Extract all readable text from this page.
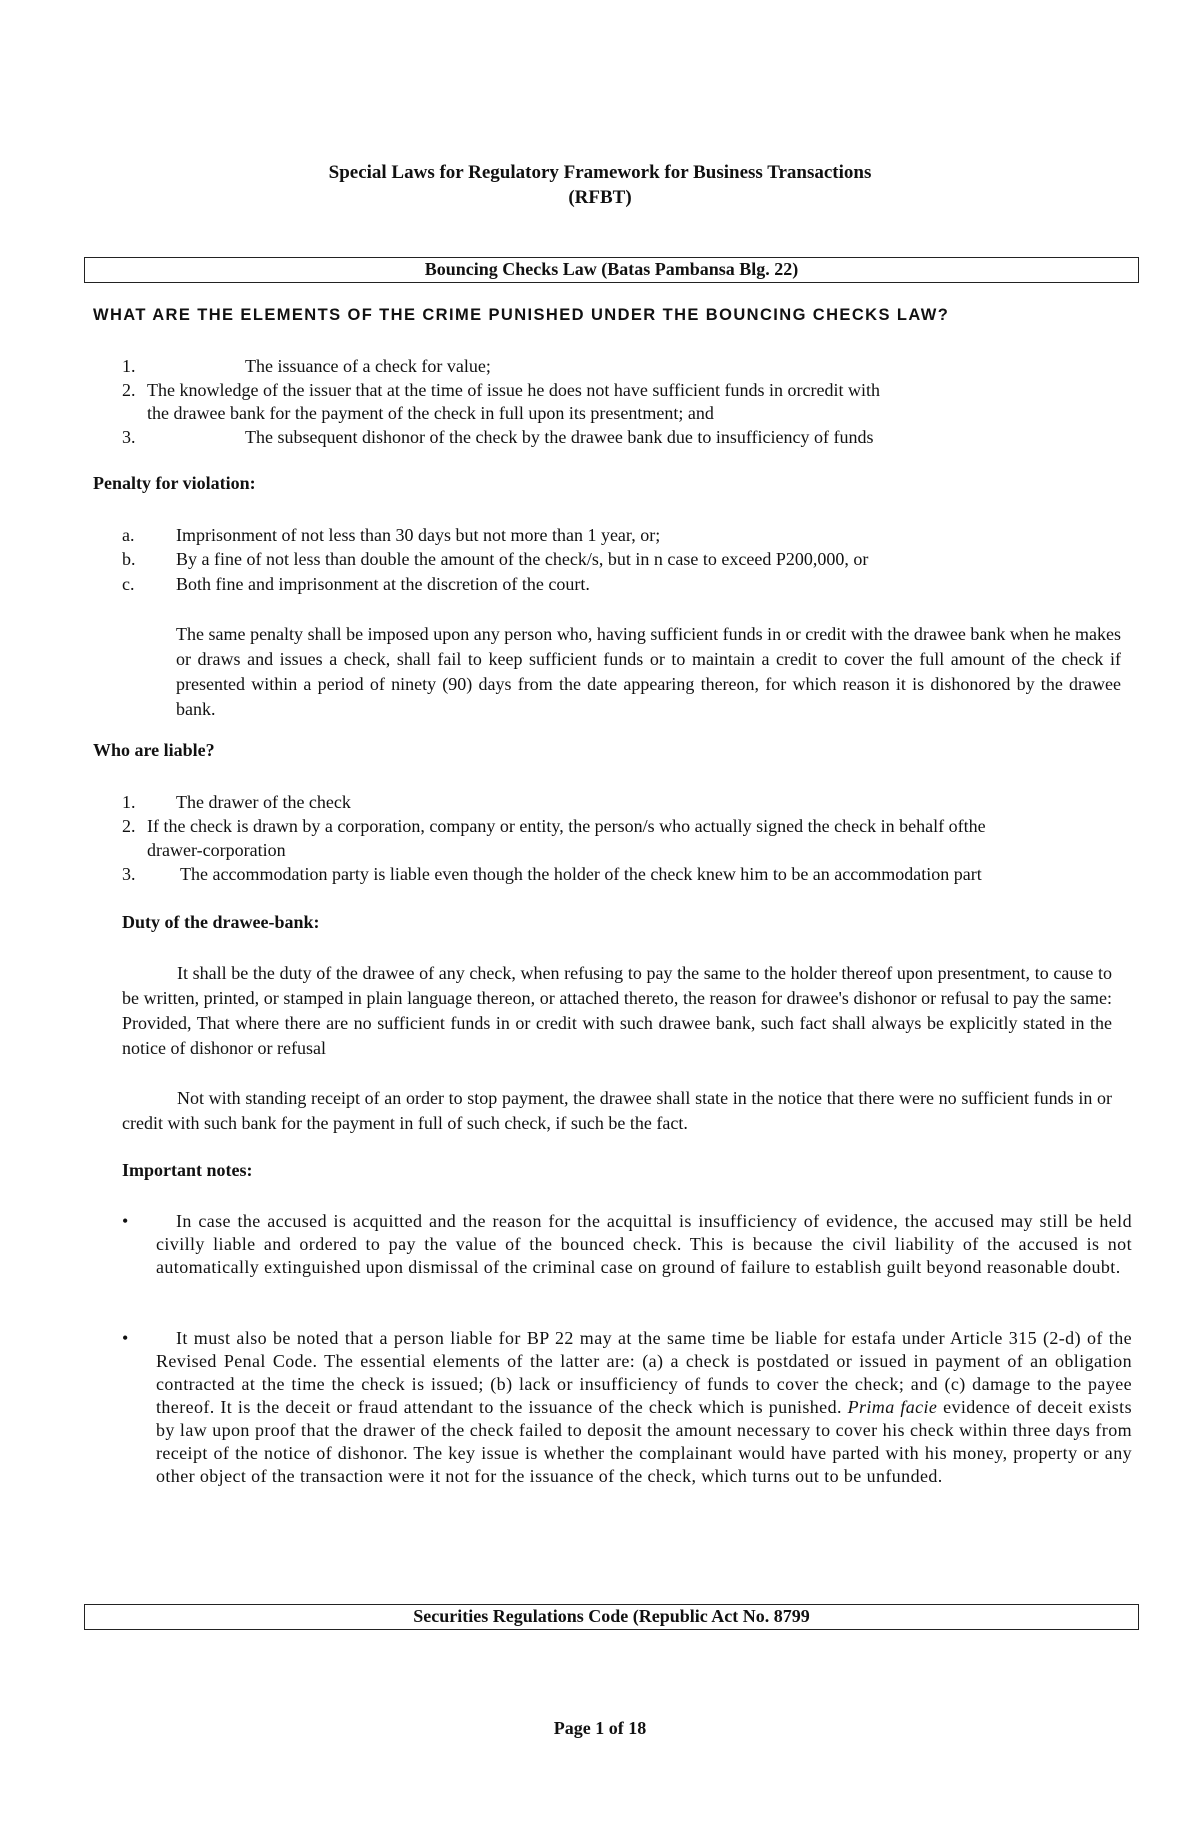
Special Laws for Regulatory Framework for Business Transactions
(RFBT)
Bouncing Checks Law (Batas Pambansa Blg. 22)
WHAT ARE THE ELEMENTS OF THE CRIME PUNISHED UNDER THE BOUNCING CHECKS LAW?
1.	The issuance of a check for value;
2. The knowledge of the issuer that at the time of issue he does not have sufficient funds in orcredit with
the drawee bank for the payment of the check in full upon its presentment; and
3.	The subsequent dishonor of the check by the drawee bank due to insufficiency of funds
Penalty for violation:
a. Imprisonment of not less than 30 days but not more than 1 year, or;
b. By a fine of not less than double the amount of the check/s, but in n case to exceed P200,000, or
c. Both fine and imprisonment at the discretion of the court.
The same penalty shall be imposed upon any person who, having sufficient funds in or credit with the drawee bank when he makes or draws and issues a check, shall fail to keep sufficient funds or to maintain a credit to cover the full amount of the check if presented within a period of ninety (90) days from the date appearing thereon, for which reason it is dishonored by the drawee bank.
Who are liable?
1. The drawer of the check
2. If the check is drawn by a corporation, company or entity, the person/s who actually signed the check in behalf ofthe
drawer-corporation
3. The accommodation party is liable even though the holder of the check knew him to be an accommodation part
Duty of the drawee-bank:
It shall be the duty of the drawee of any check, when refusing to pay the same to the holder thereof upon presentment, to cause to be written, printed, or stamped in plain language thereon, or attached thereto, the reason for drawee's dishonor or refusal to pay the same: Provided, That where there are no sufficient funds in or credit with such drawee bank, such fact shall always be explicitly stated in the notice of dishonor or refusal
Not with standing receipt of an order to stop payment, the drawee shall state in the notice that there were no sufficient funds in or credit with such bank for the payment in full of such check, if such be the fact.
Important notes:
•	In case the accused is acquitted and the reason for the acquittal is insufficiency of evidence, the accused may still be held civilly liable and ordered to pay the value of the bounced check. This is because the civil liability of the accused is not automatically extinguished upon dismissal of the criminal case on ground of failure to establish guilt beyond reasonable doubt.
•	It must also be noted that a person liable for BP 22 may at the same time be liable for estafa under Article 315 (2-d) of the Revised Penal Code. The essential elements of the latter are: (a) a check is postdated or issued in payment of an obligation contracted at the time the check is issued; (b) lack or insufficiency of funds to cover the check; and (c) damage to the payee thereof. It is the deceit or fraud attendant to the issuance of the check which is punished. Prima facie evidence of deceit exists by law upon proof that the drawer of the check failed to deposit the amount necessary to cover his check within three days from receipt of the notice of dishonor. The key issue is whether the complainant would have parted with his money, property or any other object of the transaction were it not for the issuance of the check, which turns out to be unfunded.
Securities Regulations Code (Republic Act No. 8799
Page 1 of 18
